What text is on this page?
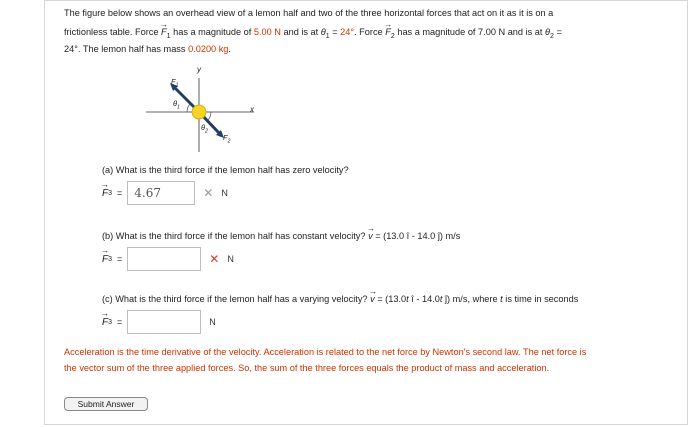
The figure below shows an overhead view of a lemon half and two of the three horizontal forces that act on it as it is on a
frictionless table. Force → $F_1$ has a magnitude of 5.00 N and is at $\theta_1 = 24^\circ$. Force → $F_2$ has a magnitude of 7.00 N and is at $\theta_2$ =
24°. The lemon half has mass 0.0200 kg.
y
x
$F_1$
$\theta_1$
$\theta_2$
$F_2$
(a) What is the third force if the lemon half has zero velocity?
→ F 3 =	4.67	✕ N
(b) What is the third force if the lemon half has constant velocity? → v = (13.0 î - 14.0 ĵ) m/s
→ F 3 =	✕ N
(c) What is the third force if the lemon half has a varying velocity? → v = (13.0t î - 14.0t ĵ) m/s, where t is time in seconds
→ F 3 =	N
Acceleration is the time derivative of the velocity. Acceleration is related to the net force by Newton's second law. The net force is
the vector sum of the three applied forces. So, the sum of the three forces equals the product of mass and acceleration.
Submit Answer
